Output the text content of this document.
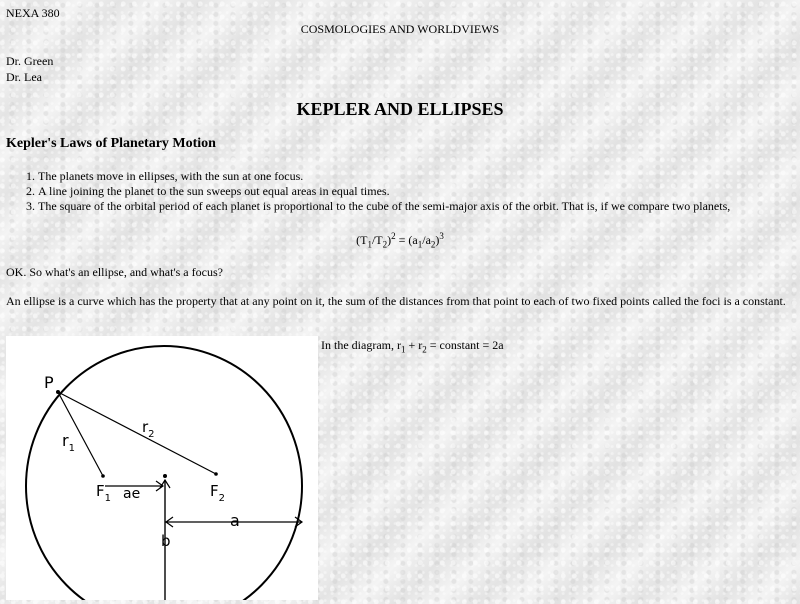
NEXA 380
COSMOLOGIES AND WORLDVIEWS
Dr. Green
Dr. Lea
KEPLER AND ELLIPSES
Kepler's Laws of Planetary Motion
1. The planets move in ellipses, with the sun at one focus.
2. A line joining the planet to the sun sweeps out equal areas in equal times.
3. The square of the orbital period of each planet is proportional to the cube of the semi-major axis of the orbit. That is, if we compare two planets,
$(T_1/T_2)^2 = (a_1/a_2)^3$
OK. So what's an ellipse, and what's a focus?
An ellipse is a curve which has the property that at any point on it, the sum of the distances from that point to each of two fixed points called the foci is a constant.
P
$r_1$
$r_2$
$F_1$	$F_2$
ae
a
b
In the diagram, $r_1 + r_2$ = constant = 2a
